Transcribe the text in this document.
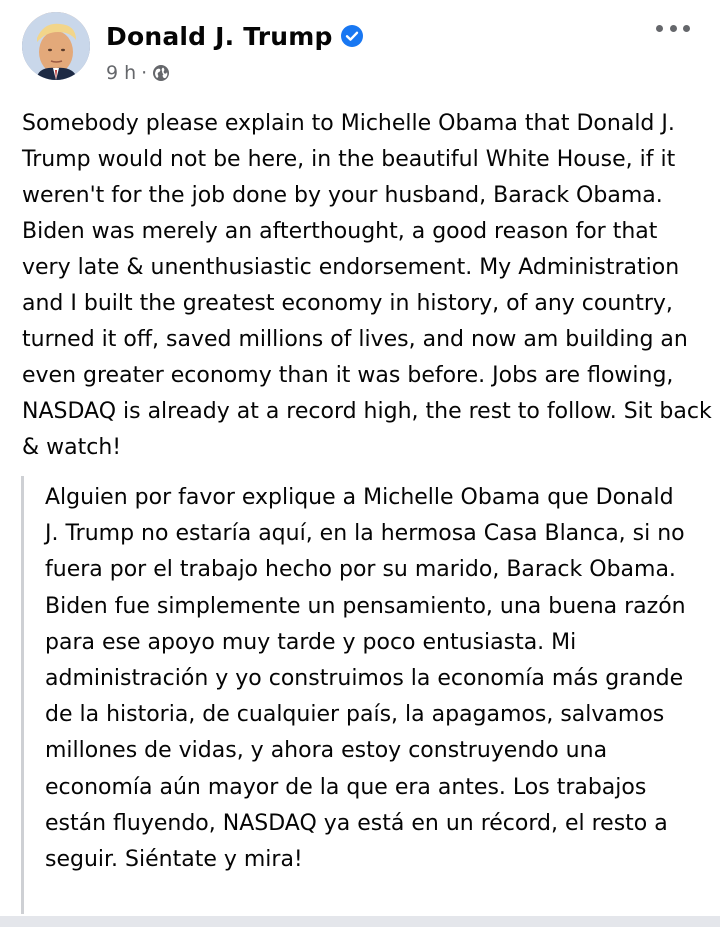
Donald J. Trump
9 h ·

Somebody please explain to Michelle Obama that Donald J. Trump would not be here, in the beautiful White House, if it weren't for the job done by your husband, Barack Obama. Biden was merely an afterthought, a good reason for that very late & unenthusiastic endorsement. My Administration and I built the greatest economy in history, of any country, turned it off, saved millions of lives, and now am building an even greater economy than it was before. Jobs are flowing, NASDAQ is already at a record high, the rest to follow. Sit back & watch!

Alguien por favor explique a Michelle Obama que Donald J. Trump no estaría aquí, en la hermosa Casa Blanca, si no fuera por el trabajo hecho por su marido, Barack Obama. Biden fue simplemente un pensamiento, una buena razón para ese apoyo muy tarde y poco entusiasta. Mi administración y yo construimos la economía más grande de la historia, de cualquier país, la apagamos, salvamos millones de vidas, y ahora estoy construyendo una economía aún mayor de la que era antes. Los trabajos están fluyendo, NASDAQ ya está en un récord, el resto a seguir. Siéntate y mira!
